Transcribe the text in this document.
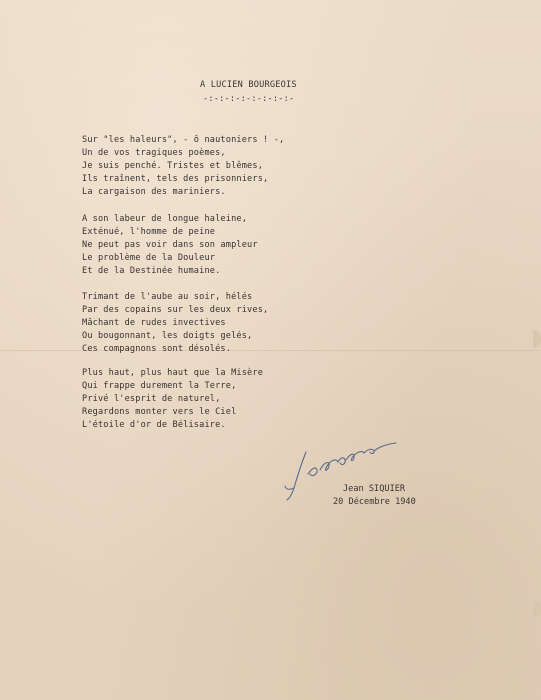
A LUCIEN BOURGEOIS
-:-:-:-:-:-:-:-:-
Sur "les haleurs", - ô nautoniers ! -,
Un de vos tragiques poèmes,
Je suis penché. Tristes et blêmes,
Ils traînent, tels des prisonniers,
La cargaison des mariniers.
A son labeur de longue haleine,
Exténué, l'homme de peine
Ne peut pas voir dans son ampleur
Le problème de la Douleur
Et de la Destinée humaine.
Trimant de l'aube au soir, hélés
Par des copains sur les deux rives,
Mâchant de rudes invectives
Ou bougonnant, les doigts gelés,
Ces compagnons sont désolés.
Plus haut, plus haut que la Misère
Qui frappe durement la Terre,
Privé l'esprit de naturel,
Regardons monter vers le Ciel
L'étoile d'or de Bélisaire.
Jean SIQUIER
20 Décembre 1940
